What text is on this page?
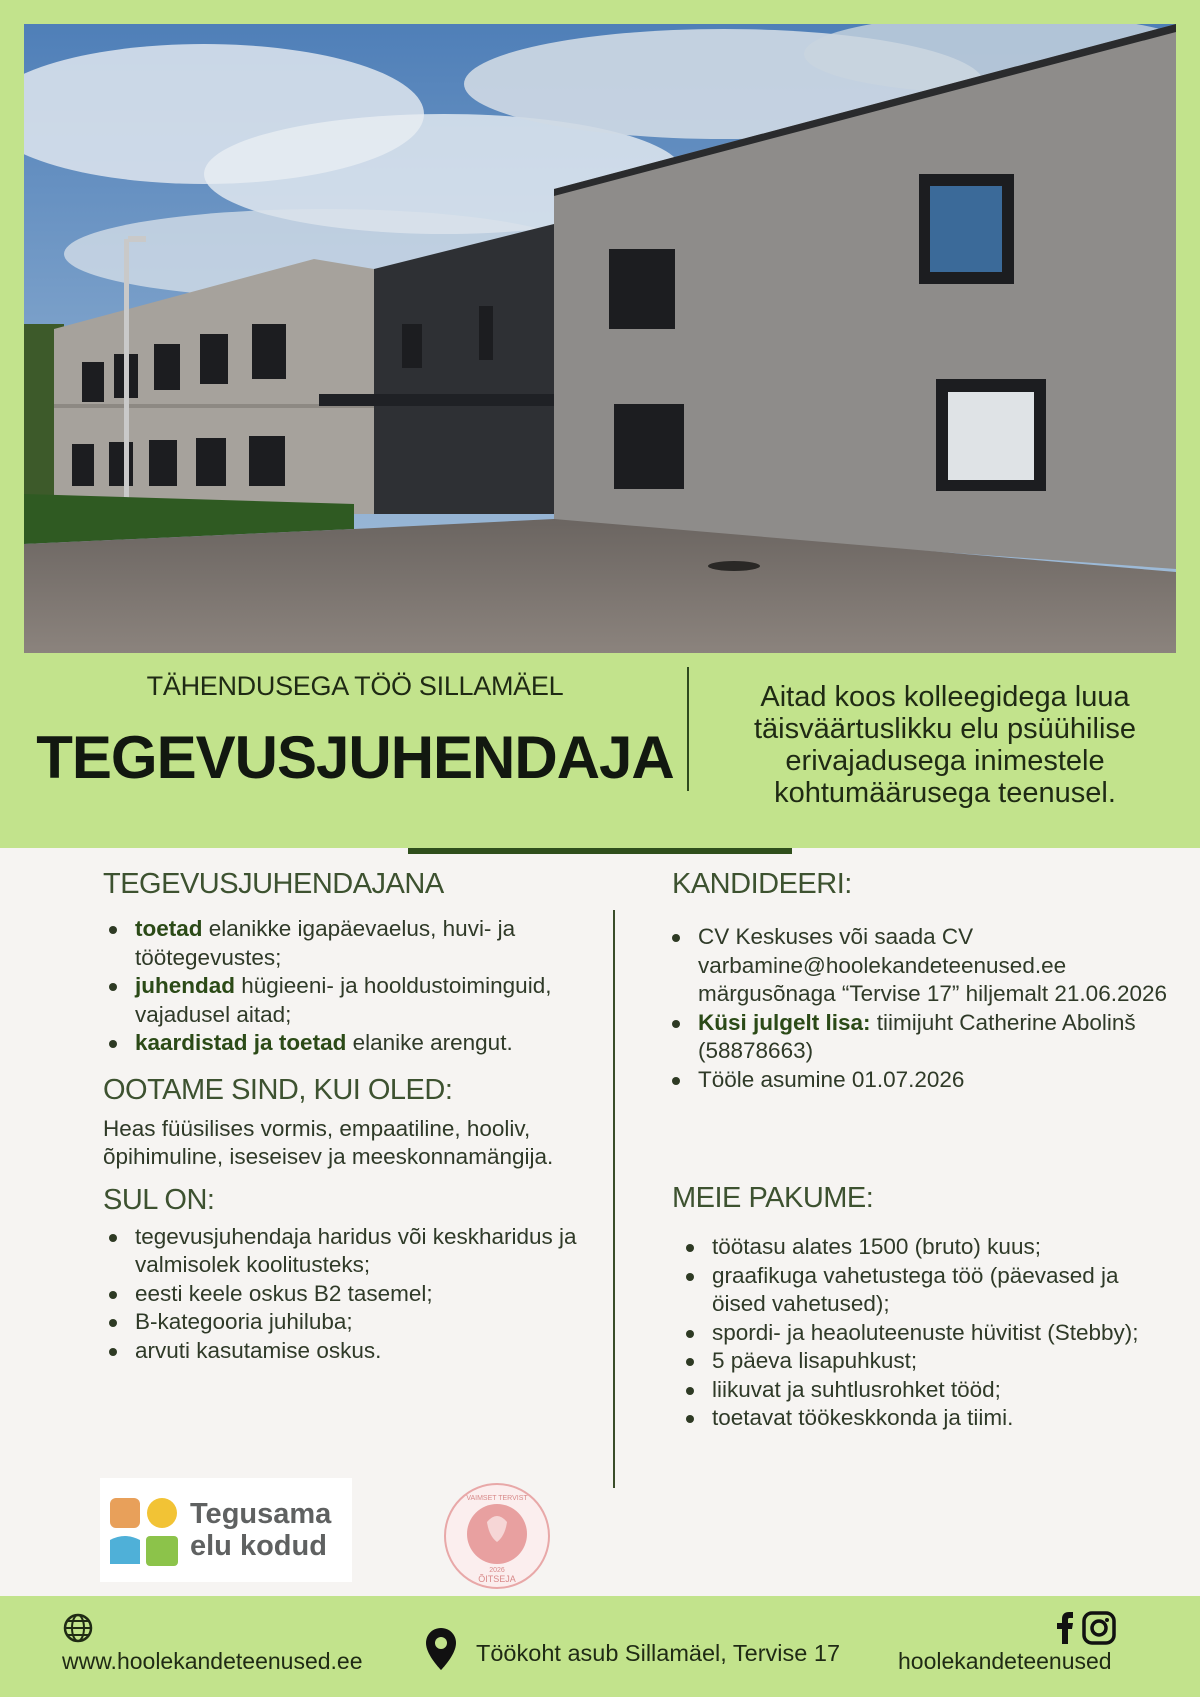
TÄHENDUSEGA TÖÖ SILLAMÄEL
TEGEVUSJUHENDAJA
Aitad koos kolleegidega luua täisväärtuslikku elu psüühilise erivajadusega inimestele kohtumäärusega teenusel.
TEGEVUSJUHENDAJANA
toetad elanikke igapäevaelus, huvi- ja töötegevustes;
juhendad hügieeni- ja hooldustoiminguid, vajadusel aitad;
kaardistad ja toetad elanike arengut.
OOTAME SIND, KUI OLED:

Heas füüsilises vormis, empaatiline, hooliv, õpihimuline, iseseisev ja meeskonnamängija.

SUL ON:
tegevusjuhendaja haridus või keskharidus ja valmisolek koolitusteks;
eesti keele oskus B2 tasemel;
B-kategooria juhiluba;
arvuti kasutamise oskus.
KANDIDEERI:
CV Keskuses või saada CV varbamine@hoolekandeteenused.ee märgusõnaga “Tervise 17” hiljemalt 21.06.2026
Küsi julgelt lisa: tiimijuht Catherine Abolinš (58878663)
Tööle asumine 01.07.2026
MEIE PAKUME:
töötasu alates 1500 (bruto) kuus;
graafikuga vahetustega töö (päevased ja öised vahetused);
spordi- ja heaoluteenuste hüvitist (Stebby);
5 päeva lisapuhkust;
liikuvat ja suhtlusrohket tööd;
toetavat töökeskkonda ja tiimi.
Tegusama
elu kodud
VAIMSET TERVIST
2026
ÕITSEJA
www.hoolekandeteenused.ee	Töökoht asub Sillamäel, Tervise 17	hoolekandeteenused
